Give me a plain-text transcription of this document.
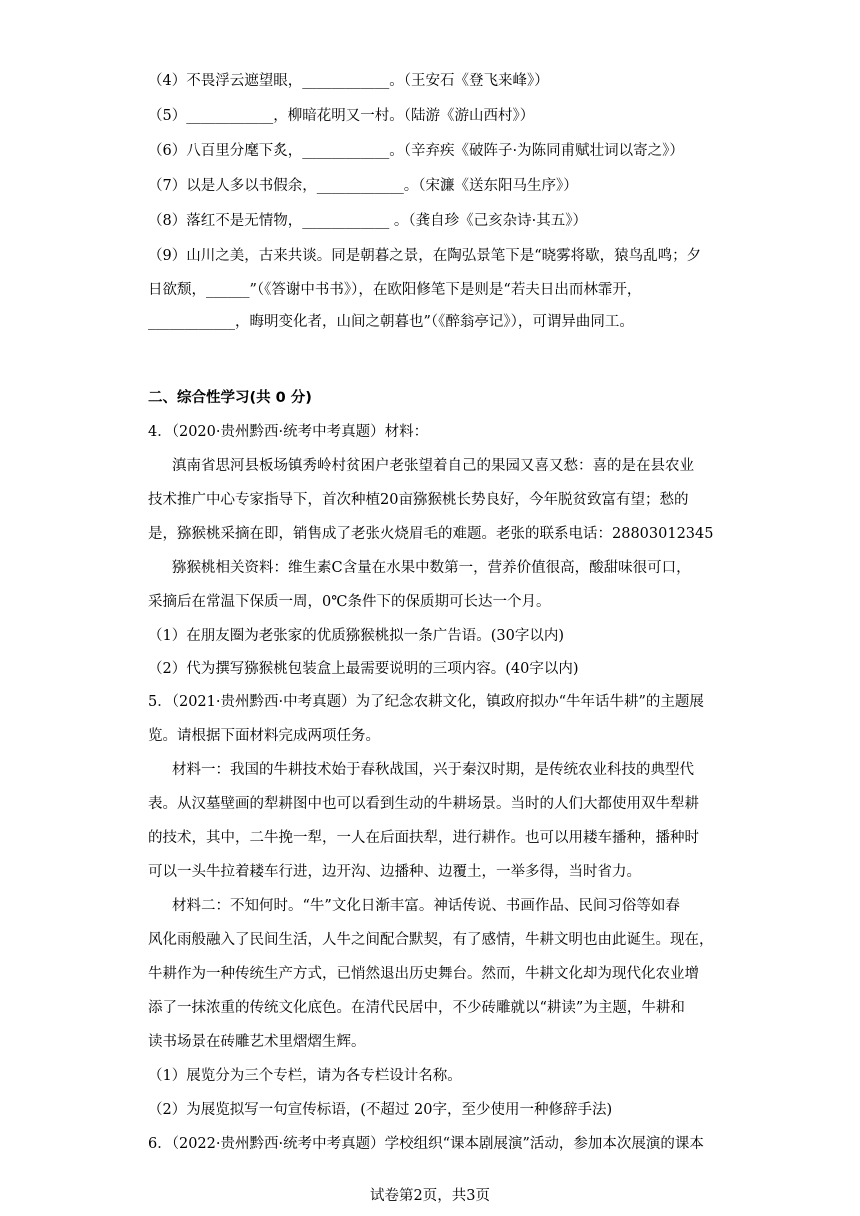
（4）不畏浮云遮望眼，____________。（王安石《登飞来峰》）
（5）____________，柳暗花明又一村。（陆游《游山西村》）
（6）八百里分麾下炙，____________。（辛弃疾《破阵子·为陈同甫赋壮词以寄之》）
（7）以是人多以书假余，____________。（宋濂《送东阳马生序》）
（8）落红不是无情物，____________ 。（龚自珍《己亥杂诗·其五》）
（9）山川之美，古来共谈。同是朝暮之景，在陶弘景笔下是“晓雾将歇，猿鸟乱鸣；夕
日欲颓，______”（《答谢中书书》），在欧阳修笔下是则是“若夫日出而林霏开，
____________，晦明变化者，山间之朝暮也”（《醉翁亭记》），可谓异曲同工。
二、综合性学习(共 0 分)
4．（2020·贵州黔西·统考中考真题）材料：
滇南省思河县板场镇秀岭村贫困户老张望着自己的果园又喜又愁：喜的是在县农业
技术推广中心专家指导下，首次种植20亩猕猴桃长势良好，今年脱贫致富有望；愁的
是，猕猴桃采摘在即，销售成了老张火烧眉毛的难题。老张的联系电话：28803012345
猕猴桃相关资料：维生素C含量在水果中数第一，营养价值很高，酸甜味很可口，
采摘后在常温下保质一周，0℃条件下的保质期可长达一个月。
（1）在朋友圈为老张家的优质猕猴桃拟一条广告语。(30字以内)
（2）代为撰写猕猴桃包装盒上最需要说明的三项内容。(40字以内)
5．（2021·贵州黔西·中考真题）为了纪念农耕文化，镇政府拟办“牛年话牛耕”的主题展
览。请根据下面材料完成两项任务。
材料一：我国的牛耕技术始于春秋战国，兴于秦汉时期，是传统农业科技的典型代
表。从汉墓壁画的犁耕图中也可以看到生动的牛耕场景。当时的人们大都使用双牛犁耕
的技术，其中，二牛挽一犁，一人在后面扶犁，进行耕作。也可以用耧车播种，播种时
可以一头牛拉着耧车行进，边开沟、边播种、边覆土，一举多得，当时省力。
材料二：不知何时。“牛”文化日渐丰富。神话传说、书画作品、民间习俗等如春
风化雨般融入了民间生活，人牛之间配合默契，有了感情，牛耕文明也由此诞生。现在，
牛耕作为一种传统生产方式，已悄然退出历史舞台。然而，牛耕文化却为现代化农业增
添了一抹浓重的传统文化底色。在清代民居中，不少砖雕就以“耕读”为主题，牛耕和
读书场景在砖雕艺术里熠熠生辉。
（1）展览分为三个专栏，请为各专栏设计名称。
（2）为展览拟写一句宣传标语，(不超过 20字，至少使用一种修辞手法)
6．（2022·贵州黔西·统考中考真题）学校组织“课本剧展演”活动，参加本次展演的课本
试卷第2页，共3页
